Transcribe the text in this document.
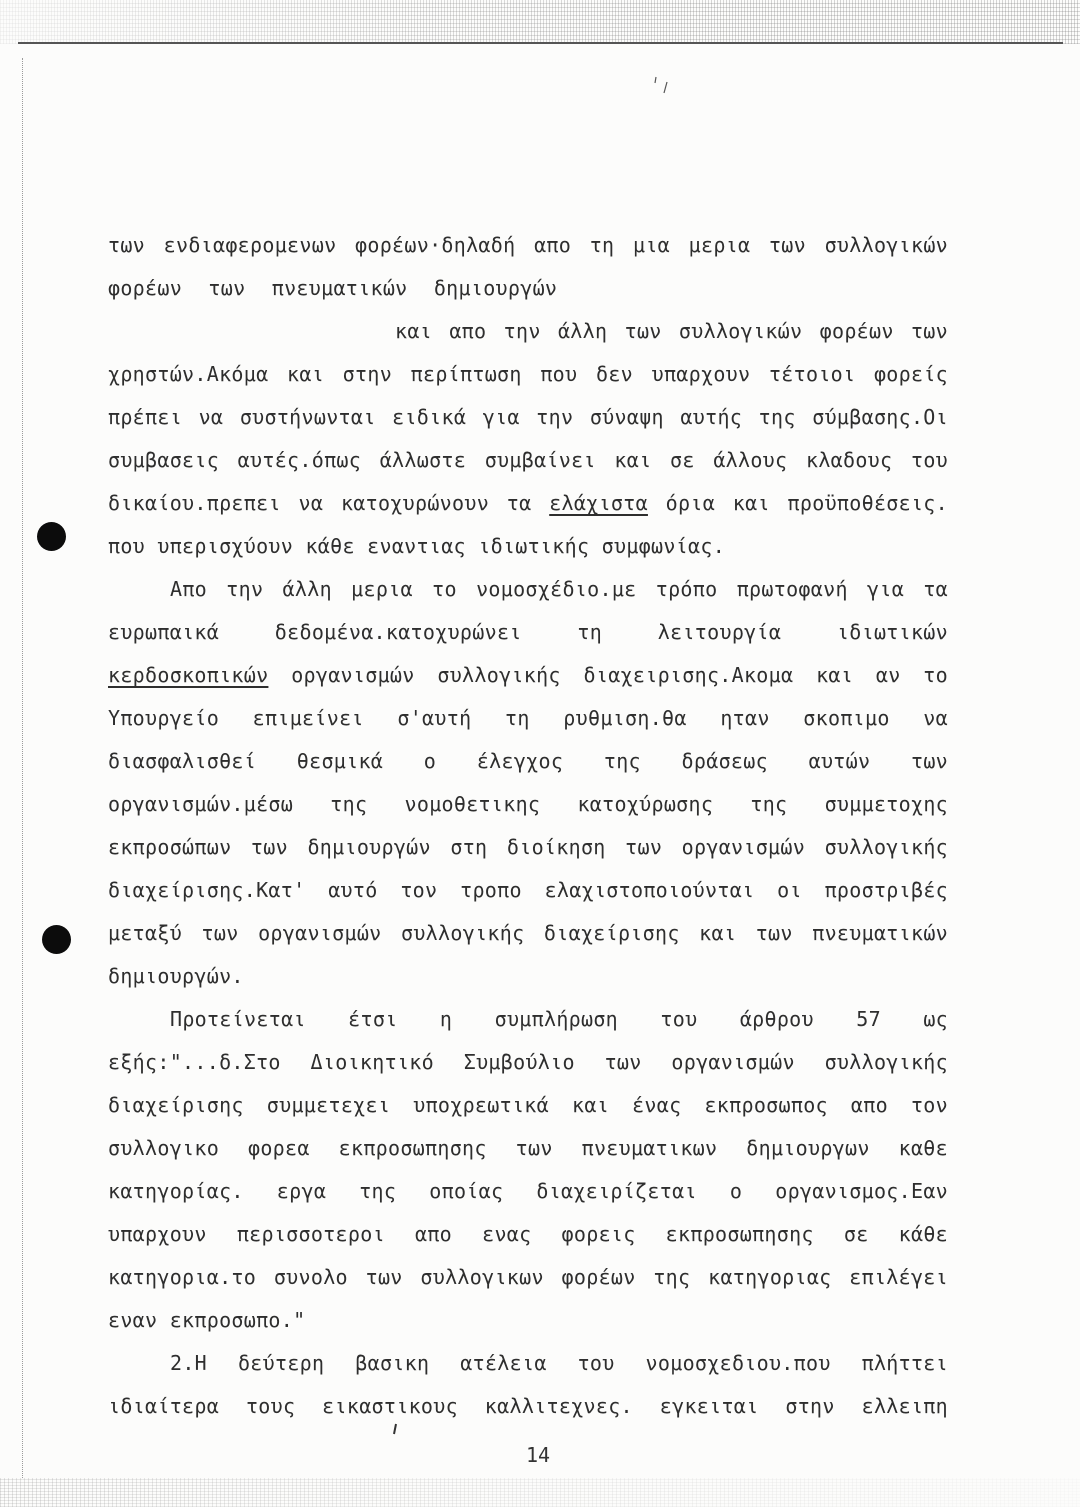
των ενδιαφερομενων φορέων·δηλαδή απο τη μια μερια των συλλογικών
φορέων των πνευματικών δημιουργών
και απο την άλλη των συλλογικών φορέων των
χρηστών.Ακόμα και στην περίπτωση που δεν υπαρχουν τέτοιοι φορείς
πρέπει να συστήνωνται ειδικά για την σύναψη αυτής της σύμβασης.Οι
συμβασεις αυτές.όπως άλλωστε συμβαίνει και σε άλλους κλαδους του
δικαίου.πρεπει να κατοχυρώνουν τα ελάχιστα όρια και προϋποθέσεις.
που υπερισχύουν κάθε εναντιας ιδιωτικής συμφωνίας.
Απο την άλλη μερια το νομοσχέδιο.με τρόπο πρωτοφανή για τα
ευρωπαικά δεδομένα.κατοχυρώνει τη λειτουργία ιδιωτικών
κερδοσκοπικών οργανισμών συλλογικής διαχειρισης.Ακομα και αν το
Υπουργείο επιμείνει σ'αυτή τη ρυθμιση.θα ηταν σκοπιμο να
διασφαλισθεί θεσμικά ο έλεγχος της δράσεως αυτών των
οργανισμών.μέσω της νομοθετικης κατοχύρωσης της συμμετοχης
εκπροσώπων των δημιουργών στη διοίκηση των οργανισμών συλλογικής
διαχείρισης.Κατ' αυτό τον τροπο ελαχιστοποιούνται οι προστριβές
μεταξύ των οργανισμών συλλογικής διαχείρισης και των πνευματικών
δημιουργών.
Προτείνεται έτσι η συμπλήρωση του άρθρου 57 ως
εξής:"...δ.Στο Διοικητικό Συμβούλιο των οργανισμών συλλογικής
διαχείρισης συμμετεχει υποχρεωτικά και ένας εκπροσωπος απο τον
συλλογικο φορεα εκπροσωπησης των πνευματικων δημιουργων καθε
κατηγορίας. εργα της οποίας διαχειρίζεται ο οργανισμος.Εαν
υπαρχουν περισσοτεροι απο ενας φορεις εκπροσωπησης σε κάθε
κατηγορια.το συνολο των συλλογικων φορέων της κατηγοριας επιλέγει
εναν εκπροσωπο."
2.Η δεύτερη βασικη ατέλεια του νομοσχεδιου.που πλήττει
ιδιαίτερα τους εικαστικους καλλιτεχνες. εγκειται στην ελλειπη
14
